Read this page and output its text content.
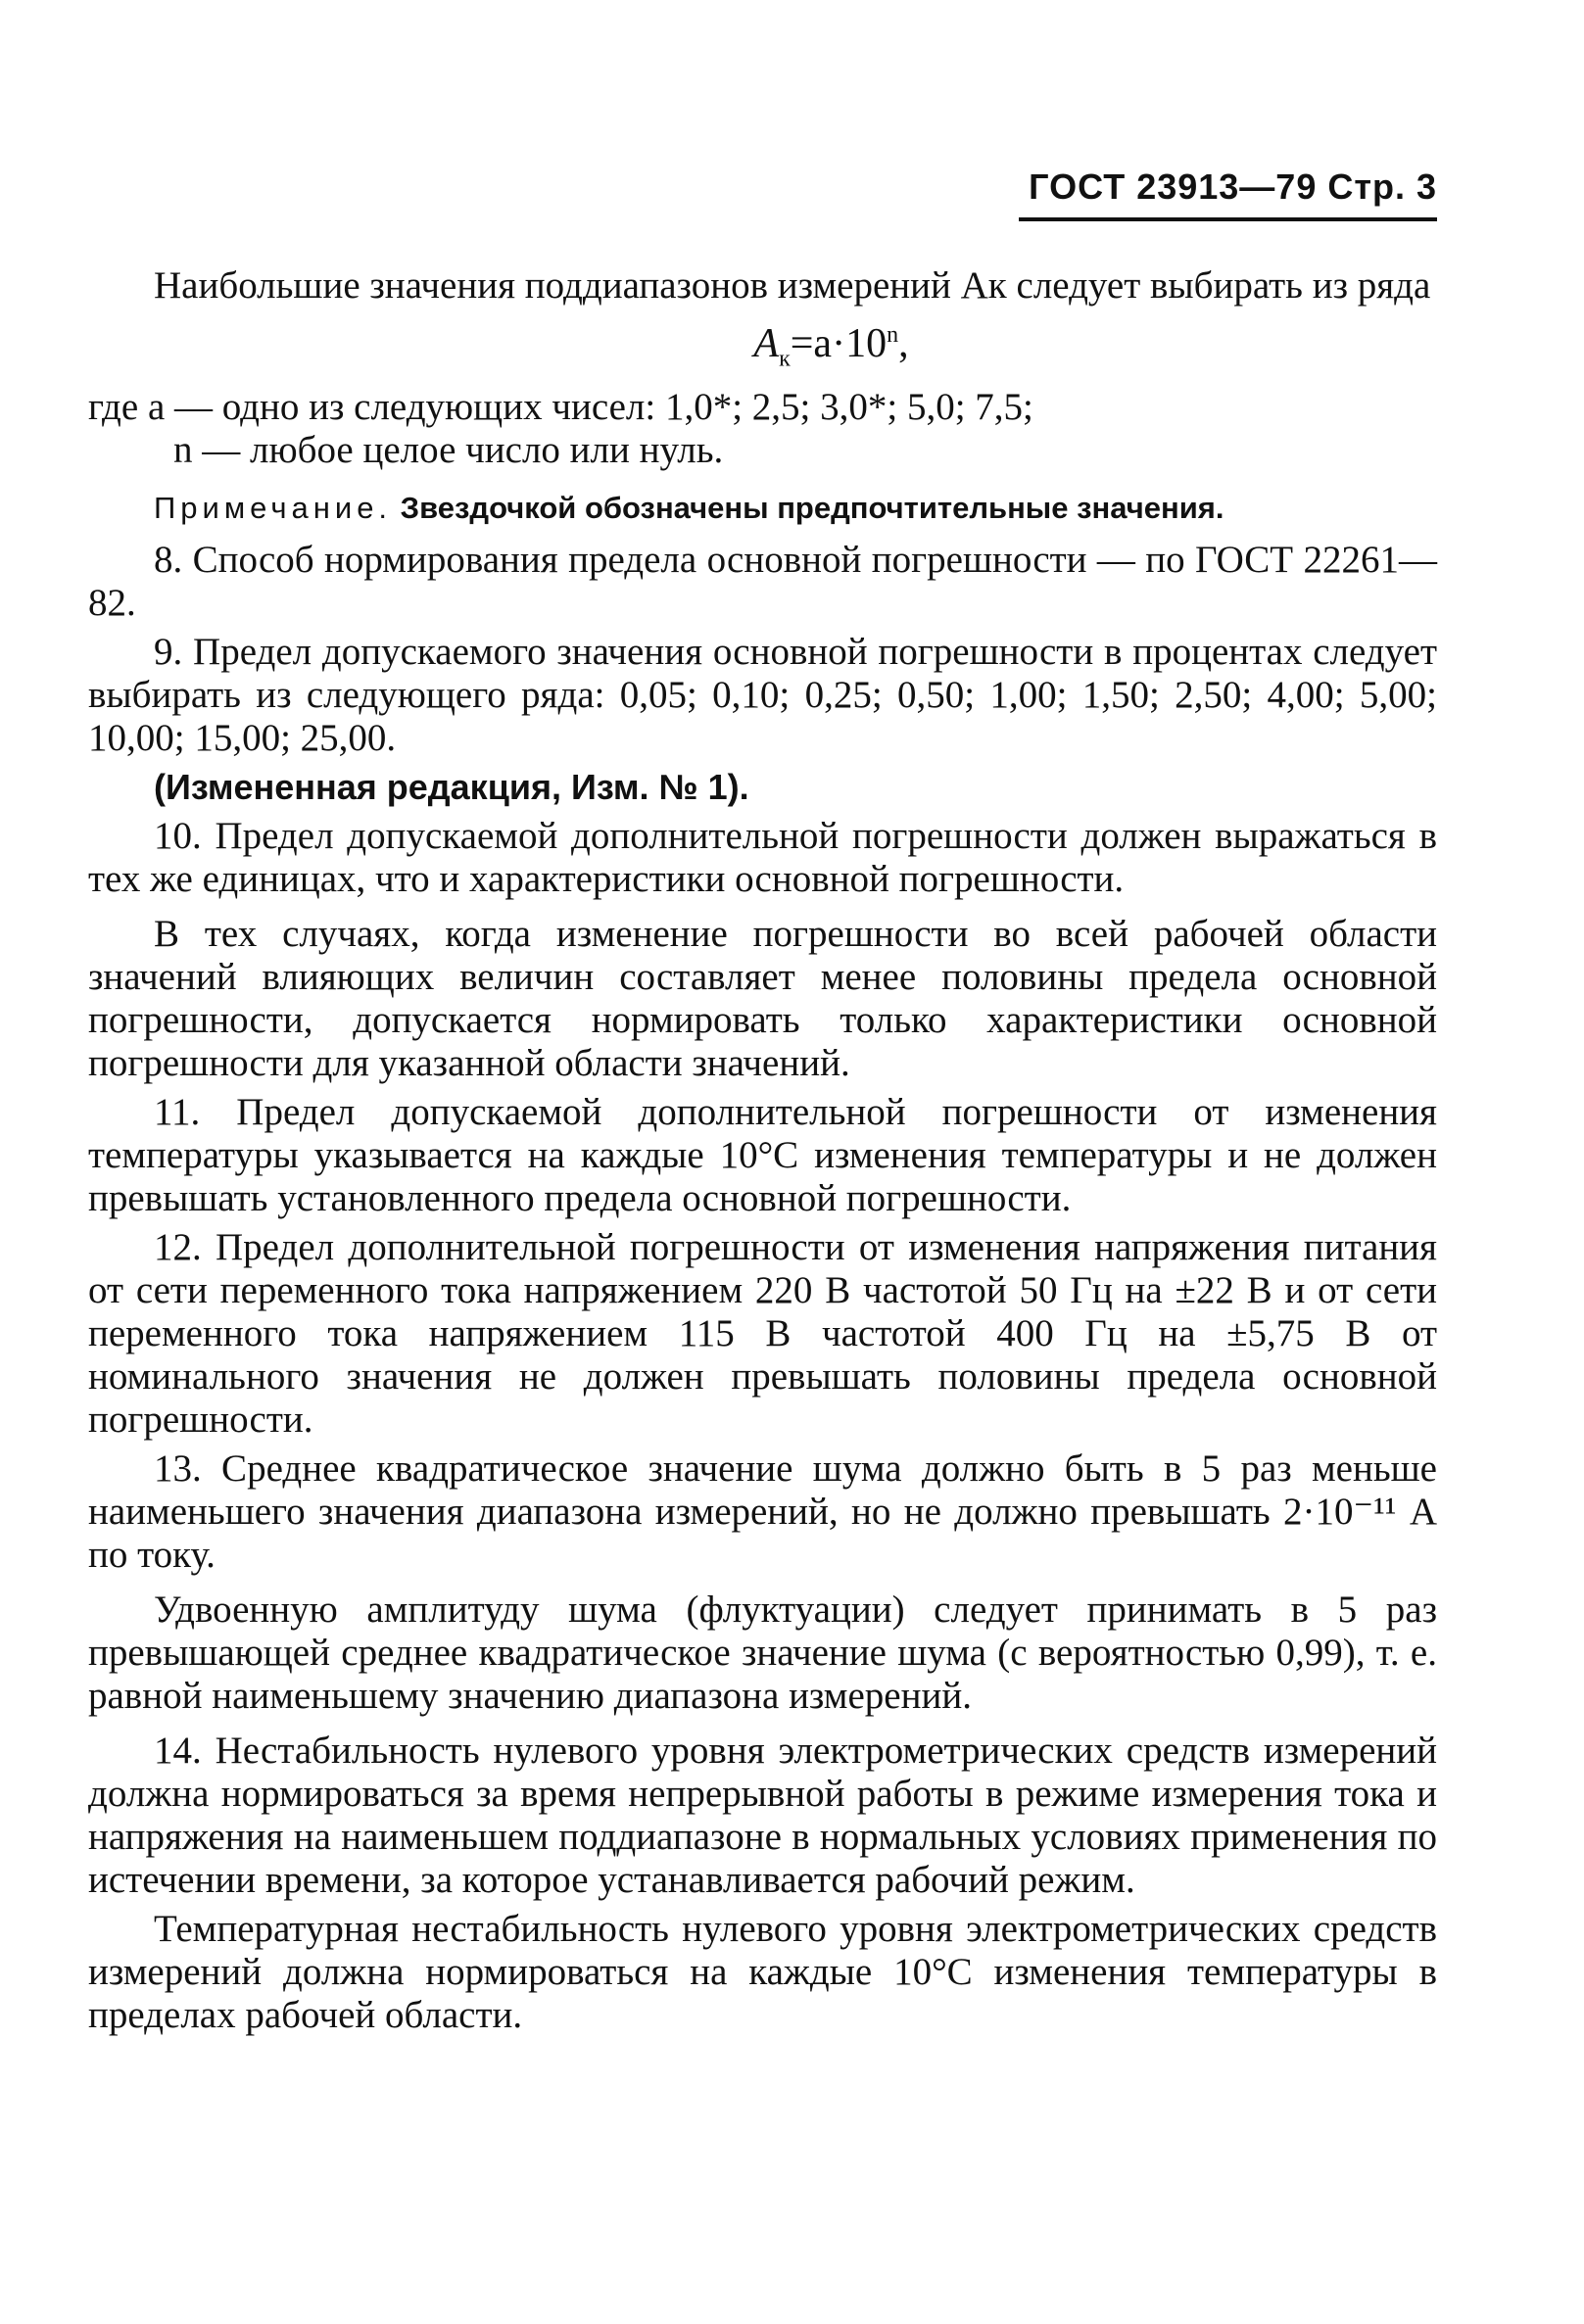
ГОСТ 23913—79 Стр. 3

Наибольшие значения поддиапазонов измерений Aк следует выбирать из ряда

$A_к=a\cdot 10^n$,

где a — одно из следующих чисел: 1,0*; 2,5; 3,0*; 5,0; 7,5;

n — любое целое число или нуль.

Примечание. Звездочкой обозначены предпочтительные значения.

8. Способ нормирования предела основной погрешности — по ГОСТ 22261—82.

9. Предел допускаемого значения основной погрешности в процентах следует выбирать из следующего ряда: 0,05; 0,10; 0,25; 0,50; 1,00; 1,50; 2,50; 4,00; 5,00; 10,00; 15,00; 25,00.

(Измененная редакция, Изм. № 1).

10. Предел допускаемой дополнительной погрешности должен выражаться в тех же единицах, что и характеристики основной погрешности.

В тех случаях, когда изменение погрешности во всей рабочей области значений влияющих величин составляет менее половины предела основной погрешности, допускается нормировать только характеристики основной погрешности для указанной области значений.

11. Предел допускаемой дополнительной погрешности от изменения температуры указывается на каждые 10°С изменения температуры и не должен превышать установленного предела основной погрешности.

12. Предел дополнительной погрешности от изменения напряжения питания от сети переменного тока напряжением 220 В частотой 50 Гц на ±22 В и от сети переменного тока напряжением 115 В частотой 400 Гц на ±5,75 В от номинального значения не должен превышать половины предела основной погрешности.

13. Среднее квадратическое значение шума должно быть в 5 раз меньше наименьшего значения диапазона измерений, но не должно превышать 2·10⁻¹¹ А по току.

Удвоенную амплитуду шума (флуктуации) следует принимать в 5 раз превышающей среднее квадратическое значение шума (с вероятностью 0,99), т. е. равной наименьшему значению диапазона измерений.

14. Нестабильность нулевого уровня электрометрических средств измерений должна нормироваться за время непрерывной работы в режиме измерения тока и напряжения на наименьшем поддиапазоне в нормальных условиях применения по истечении времени, за которое устанавливается рабочий режим.

Температурная нестабильность нулевого уровня электрометрических средств измерений должна нормироваться на каждые 10°С изменения температуры в пределах рабочей области.
